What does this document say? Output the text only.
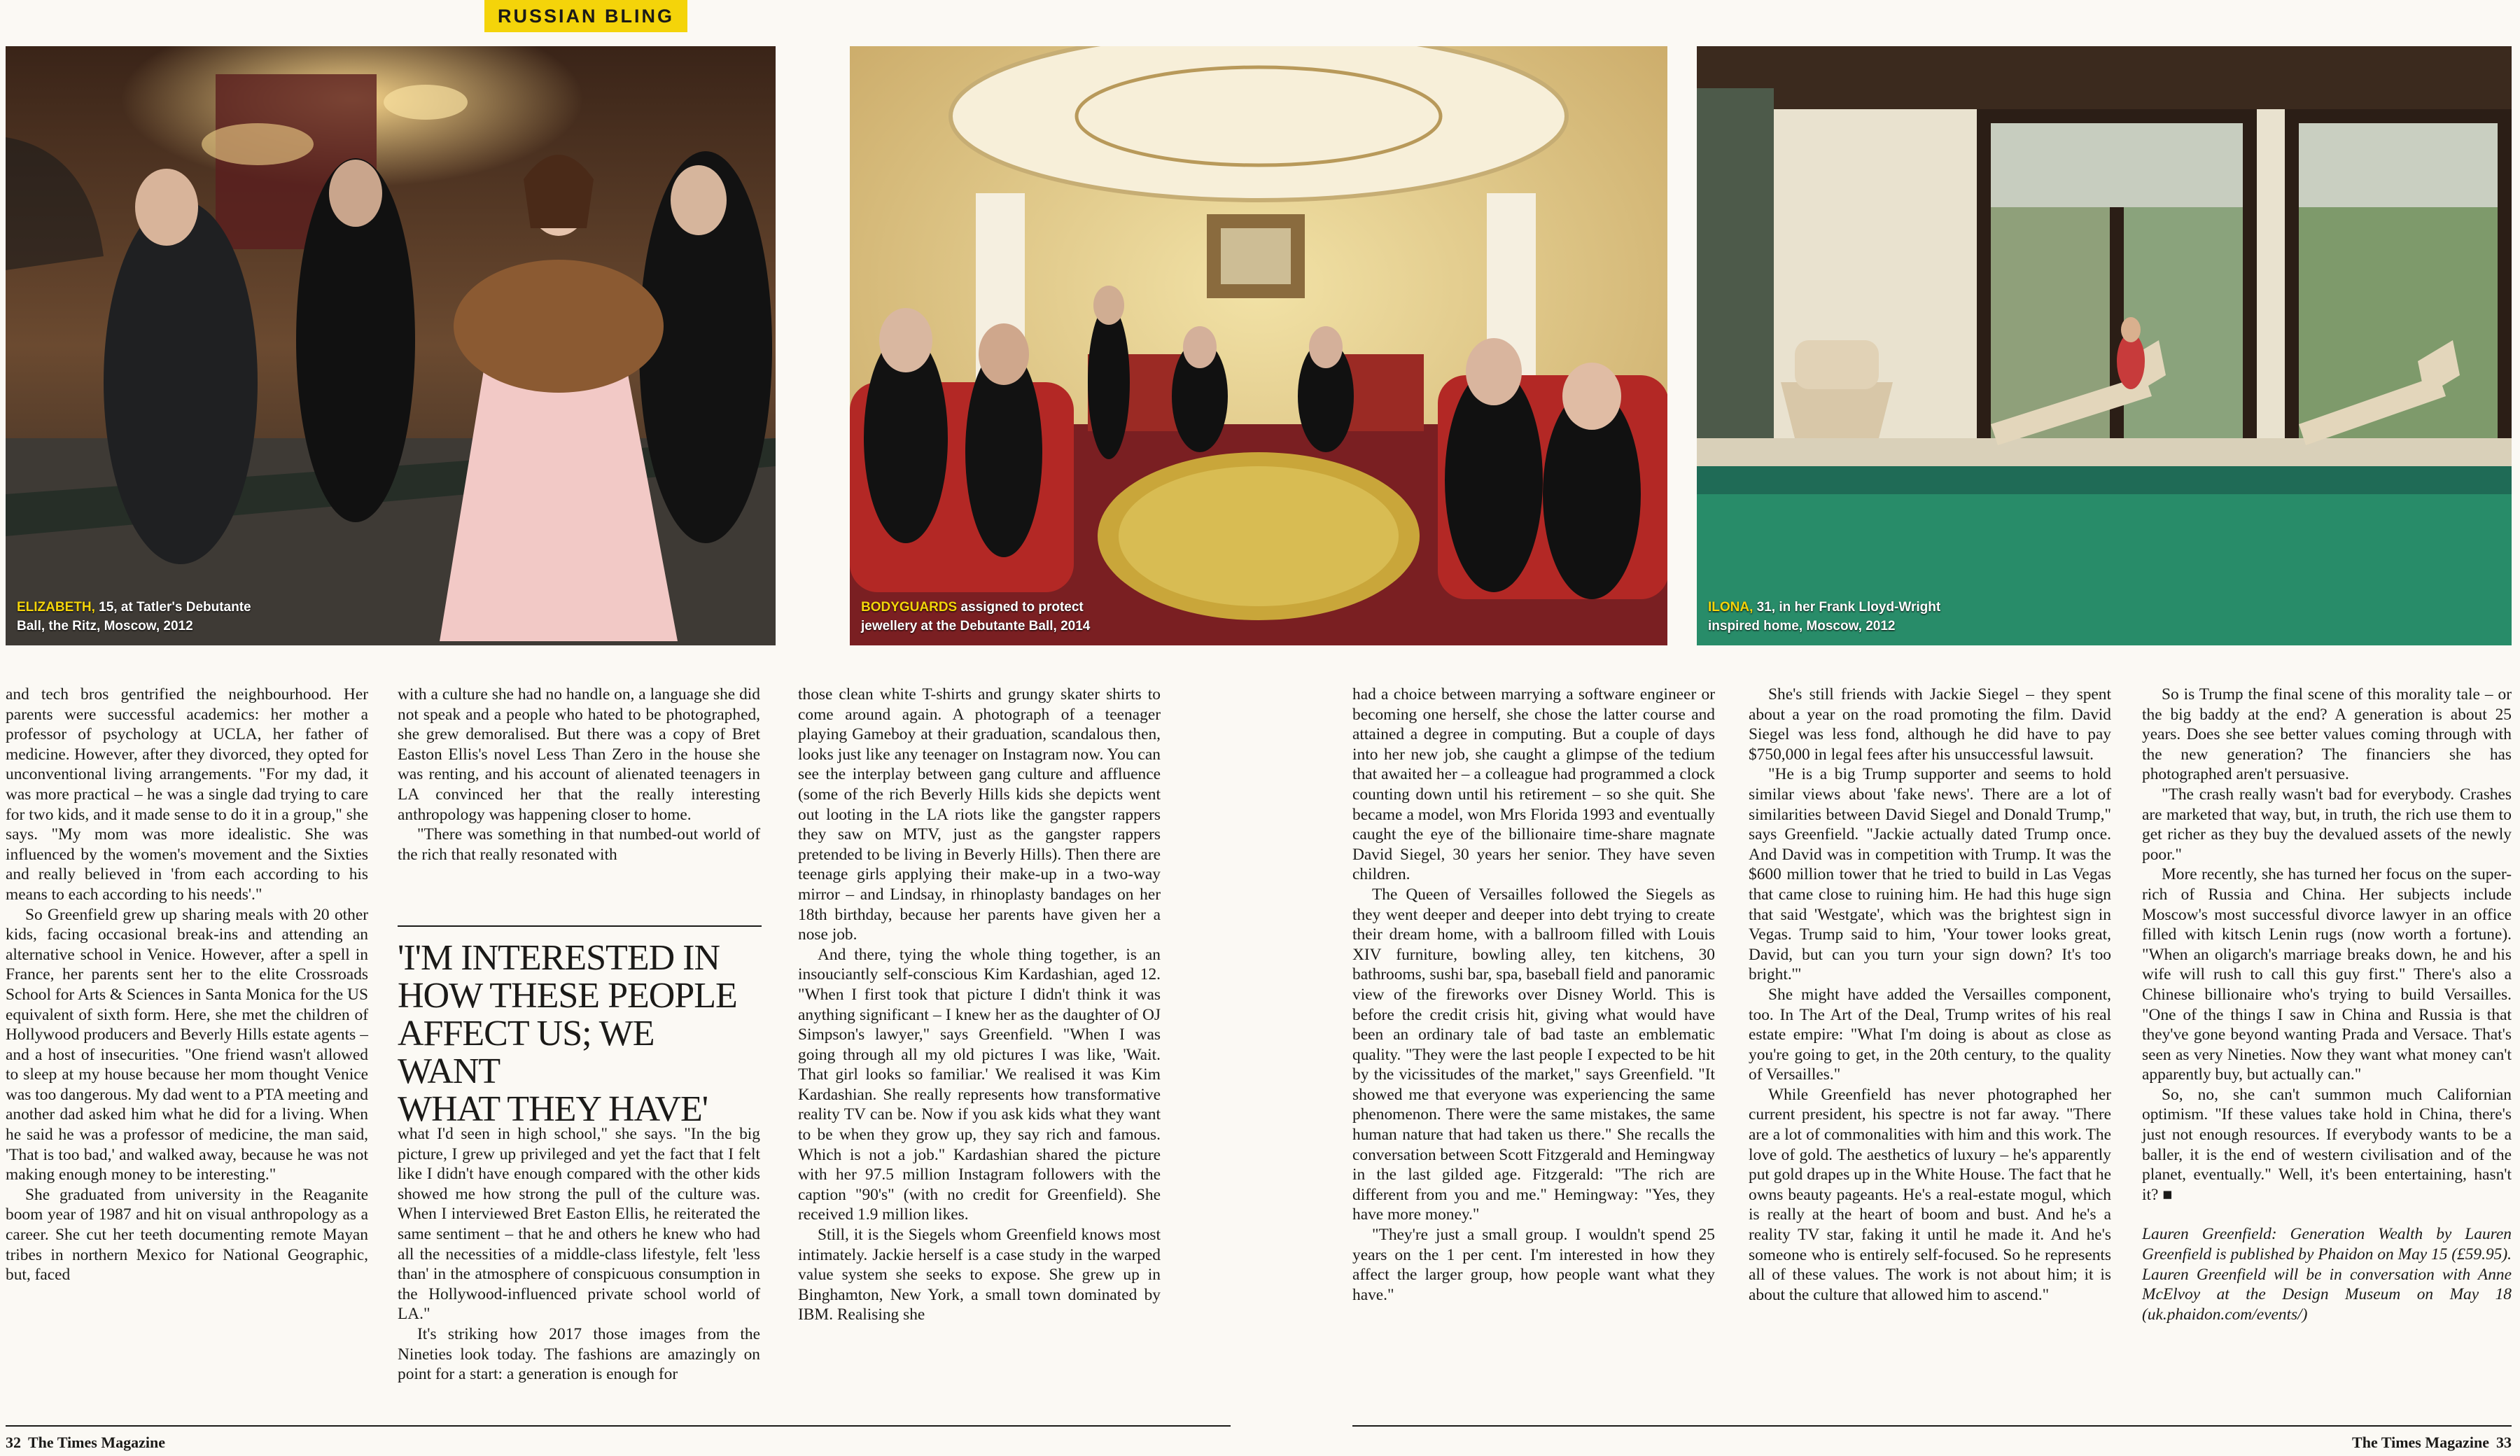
RUSSIAN BLING
ELIZABETH, 15, at Tatler's Debutante
Ball, the Ritz, Moscow, 2012
BODYGUARDS assigned to protect
jewellery at the Debutante Ball, 2014
ILONA, 31, in her Frank Lloyd-Wright
inspired home, Moscow, 2012

and tech bros gentrified the neighbourhood. Her parents were successful academics: her mother a professor of psychology at UCLA, her father of medicine. However, after they divorced, they opted for unconventional living arrangements. "For my dad, it was more practical – he was a single dad trying to care for two kids, and it made sense to do it in a group," she says. "My mom was more idealistic. She was influenced by the women's movement and the Sixties and really believed in 'from each according to his means to each according to his needs'."

So Greenfield grew up sharing meals with 20 other kids, facing occasional break-ins and attending an alternative school in Venice. However, after a spell in France, her parents sent her to the elite Crossroads School for Arts & Sciences in Santa Monica for the US equivalent of sixth form. Here, she met the children of Hollywood producers and Beverly Hills estate agents – and a host of insecurities. "One friend wasn't allowed to sleep at my house because her mom thought Venice was too dangerous. My dad went to a PTA meeting and another dad asked him what he did for a living. When he said he was a professor of medicine, the man said, 'That is too bad,' and walked away, because he was not making enough money to be interesting."

She graduated from university in the Reaganite boom year of 1987 and hit on visual anthropology as a career. She cut her teeth documenting remote Mayan tribes in northern Mexico for National Geographic, but, faced

with a culture she had no handle on, a language she did not speak and a people who hated to be photographed, she grew demoralised. But there was a copy of Bret Easton Ellis's novel Less Than Zero in the house she was renting, and his account of alienated teenagers in LA convinced her that the really interesting anthropology was happening closer to home.

"There was something in that numbed-out world of the rich that really resonated with

'I'M INTERESTED IN
HOW THESE PEOPLE
AFFECT US; WE WANT
WHAT THEY HAVE'

what I'd seen in high school," she says. "In the big picture, I grew up privileged and yet the fact that I felt like I didn't have enough compared with the other kids showed me how strong the pull of the culture was. When I interviewed Bret Easton Ellis, he reiterated the same sentiment – that he and others he knew who had all the necessities of a middle-class lifestyle, felt 'less than' in the atmosphere of conspicuous consumption in the Hollywood-influenced private school world of LA."

It's striking how 2017 those images from the Nineties look today. The fashions are amazingly on point for a start: a generation is enough for

those clean white T-shirts and grungy skater shirts to come around again. A photograph of a teenager playing Gameboy at their graduation, scandalous then, looks just like any teenager on Instagram now. You can see the interplay between gang culture and affluence (some of the rich Beverly Hills kids she depicts went out looting in the LA riots like the gangster rappers they saw on MTV, just as the gangster rappers pretended to be living in Beverly Hills). Then there are teenage girls applying their make-up in a two-way mirror – and Lindsay, in rhinoplasty bandages on her 18th birthday, because her parents have given her a nose job.

And there, tying the whole thing together, is an insouciantly self-conscious Kim Kardashian, aged 12. "When I first took that picture I didn't think it was anything significant – I knew her as the daughter of OJ Simpson's lawyer," says Greenfield. "When I was going through all my old pictures I was like, 'Wait. That girl looks so familiar.' We realised it was Kim Kardashian. She really represents how transformative reality TV can be. Now if you ask kids what they want to be when they grow up, they say rich and famous. Which is not a job." Kardashian shared the picture with her 97.5 million Instagram followers with the caption "90's" (with no credit for Greenfield). She received 1.9 million likes.

Still, it is the Siegels whom Greenfield knows most intimately. Jackie herself is a case study in the warped value system she seeks to expose. She grew up in Binghamton, New York, a small town dominated by IBM. Realising she

had a choice between marrying a software engineer or becoming one herself, she chose the latter course and attained a degree in computing. But a couple of days into her new job, she caught a glimpse of the tedium that awaited her – a colleague had programmed a clock counting down until his retirement – so she quit. She became a model, won Mrs Florida 1993 and eventually caught the eye of the billionaire time-share magnate David Siegel, 30 years her senior. They have seven children.

The Queen of Versailles followed the Siegels as they went deeper and deeper into debt trying to create their dream home, with a ballroom filled with Louis XIV furniture, bowling alley, ten kitchens, 30 bathrooms, sushi bar, spa, baseball field and panoramic view of the fireworks over Disney World. This is before the credit crisis hit, giving what would have been an ordinary tale of bad taste an emblematic quality. "They were the last people I expected to be hit by the vicissitudes of the market," says Greenfield. "It showed me that everyone was experiencing the same phenomenon. There were the same mistakes, the same human nature that had taken us there." She recalls the conversation between Scott Fitzgerald and Hemingway in the last gilded age. Fitzgerald: "The rich are different from you and me." Hemingway: "Yes, they have more money."

"They're just a small group. I wouldn't spend 25 years on the 1 per cent. I'm interested in how they affect the larger group, how people want what they have."

She's still friends with Jackie Siegel – they spent about a year on the road promoting the film. David Siegel was less fond, although he did have to pay $750,000 in legal fees after his unsuccessful lawsuit.

"He is a big Trump supporter and seems to hold similar views about 'fake news'. There are a lot of similarities between David Siegel and Donald Trump," says Greenfield. "Jackie actually dated Trump once. And David was in competition with Trump. It was the $600 million tower that he tried to build in Las Vegas that came close to ruining him. He had this huge sign that said 'Westgate', which was the brightest sign in Vegas. Trump said to him, 'Your tower looks great, David, but can you turn your sign down? It's too bright.'"

She might have added the Versailles component, too. In The Art of the Deal, Trump writes of his real estate empire: "What I'm doing is about as close as you're going to get, in the 20th century, to the quality of Versailles."

While Greenfield has never photographed her current president, his spectre is not far away. "There are a lot of commonalities with him and this work. The love of gold. The aesthetics of luxury – he's apparently put gold drapes up in the White House. The fact that he owns beauty pageants. He's a real-estate mogul, which is really at the heart of boom and bust. And he's a reality TV star, faking it until he made it. And he's someone who is entirely self-focused. So he represents all of these values. The work is not about him; it is about the culture that allowed him to ascend."

So is Trump the final scene of this morality tale – or the big baddy at the end? A generation is about 25 years. Does she see better values coming through with the new generation? The financiers she has photographed aren't persuasive.

"The crash really wasn't bad for everybody. Crashes are marketed that way, but, in truth, the rich use them to get richer as they buy the devalued assets of the newly poor."

More recently, she has turned her focus on the super-rich of Russia and China. Her subjects include Moscow's most successful divorce lawyer in an office filled with kitsch Lenin rugs (now worth a fortune). "When an oligarch's marriage breaks down, he and his wife will rush to call this guy first." There's also a Chinese billionaire who's trying to build Versailles. "One of the things I saw in China and Russia is that they've gone beyond wanting Prada and Versace. That's seen as very Nineties. Now they want what money can't apparently buy, but actually can."

So, no, she can't summon much Californian optimism. "If these values take hold in China, there's just not enough resources. If everybody wants to be a baller, it is the end of western civilisation and of the planet, eventually." Well, it's been entertaining, hasn't it? ■

Lauren Greenfield: Generation Wealth by Lauren Greenfield is published by Phaidon on May 15 (£59.95). Lauren Greenfield will be in conversation with Anne McElvoy at the Design Museum on May 18 (uk.phaidon.com/events/)

32 The Times Magazine	The Times Magazine 33
